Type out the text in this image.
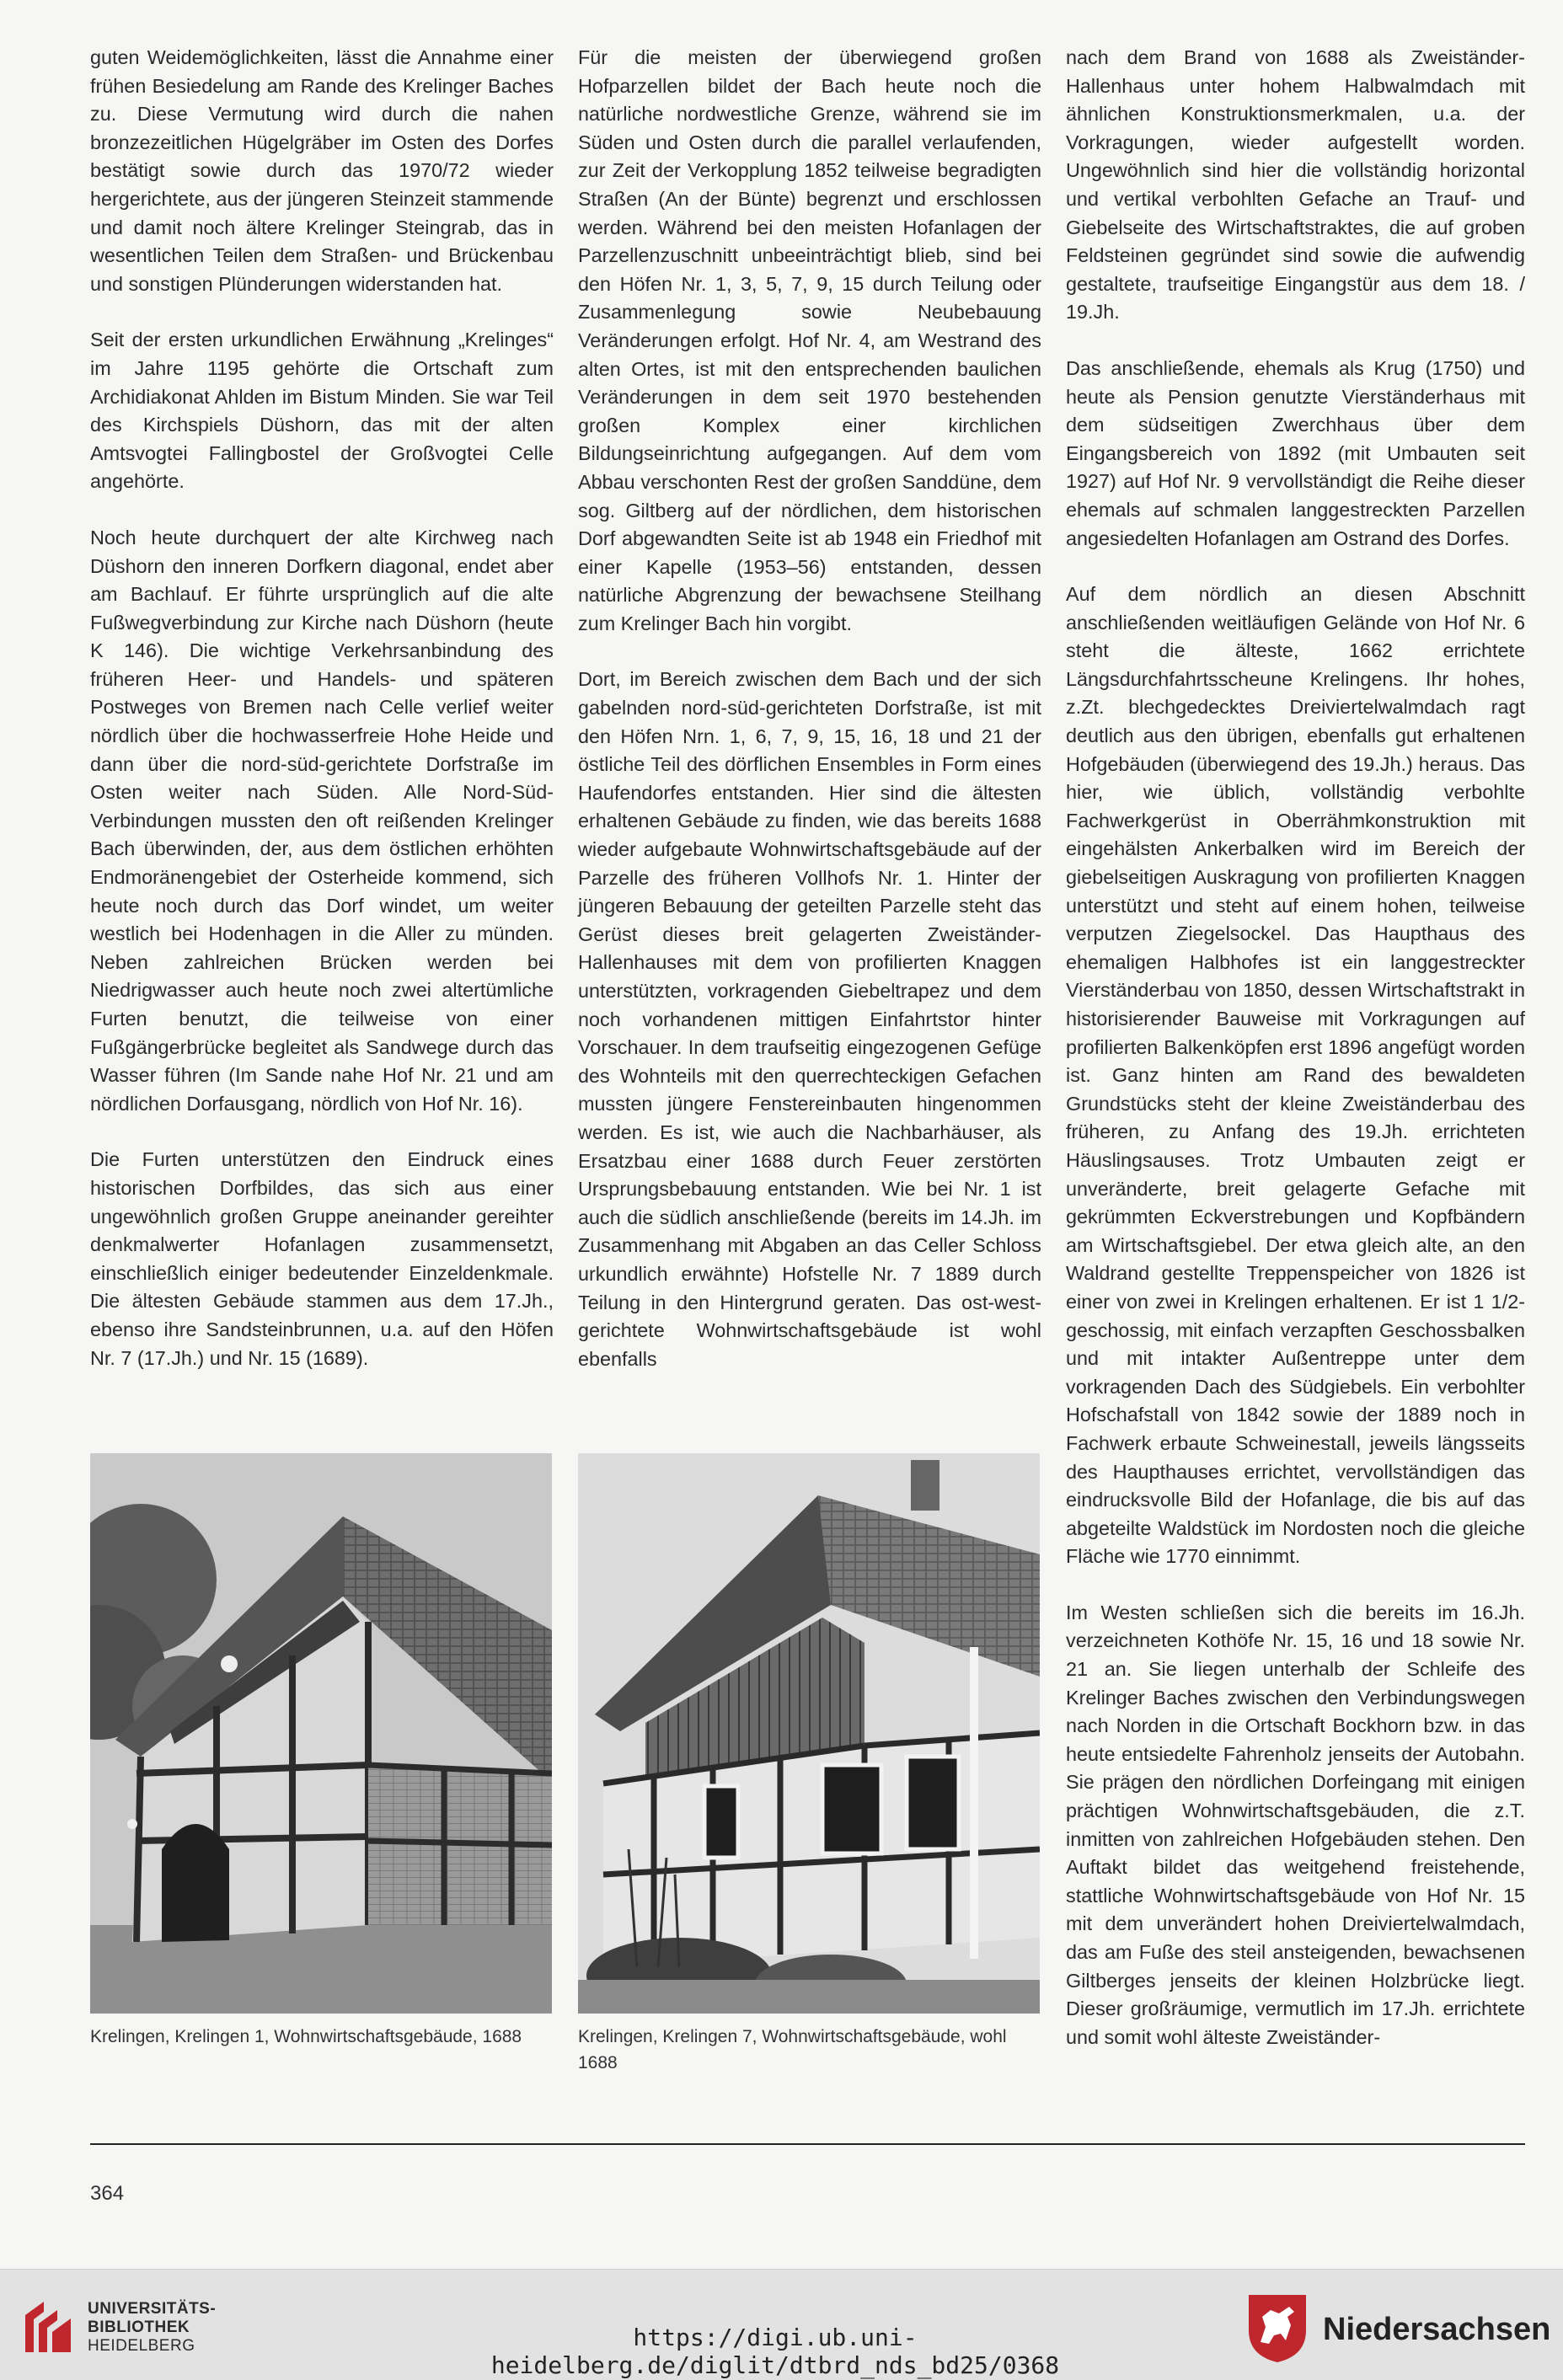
guten Weidemöglichkeiten, lässt die Annahme einer frühen Besiedelung am Rande des Krelinger Baches zu. Diese Vermutung wird durch die nahen bronzezeitlichen Hügelgräber im Osten des Dorfes bestätigt sowie durch das 1970/72 wieder hergerichtete, aus der jüngeren Steinzeit stammende und damit noch ältere Krelinger Steingrab, das in wesentlichen Teilen dem Straßen- und Brückenbau und sonstigen Plünderungen widerstanden hat.

Seit der ersten urkundlichen Erwähnung „Krelinges“ im Jahre 1195 gehörte die Ortschaft zum Archidiakonat Ahlden im Bistum Minden. Sie war Teil des Kirchspiels Düshorn, das mit der alten Amtsvogtei Fallingbostel der Großvogtei Celle angehörte.

Noch heute durchquert der alte Kirchweg nach Düshorn den inneren Dorfkern diagonal, endet aber am Bachlauf. Er führte ursprünglich auf die alte Fußwegverbindung zur Kirche nach Düshorn (heute K 146). Die wichtige Verkehrsanbindung des früheren Heer- und Handels- und späteren Postweges von Bremen nach Celle verlief weiter nördlich über die hochwasserfreie Hohe Heide und dann über die nord-süd-gerichtete Dorfstraße im Osten weiter nach Süden. Alle Nord-Süd-Verbindungen mussten den oft reißenden Krelinger Bach überwinden, der, aus dem östlichen erhöhten Endmoränengebiet der Osterheide kommend, sich heute noch durch das Dorf windet, um weiter westlich bei Hodenhagen in die Aller zu münden. Neben zahlreichen Brücken werden bei Niedrigwasser auch heute noch zwei altertümliche Furten benutzt, die teilweise von einer Fußgängerbrücke begleitet als Sandwege durch das Wasser führen (Im Sande nahe Hof Nr. 21 und am nördlichen Dorfausgang, nördlich von Hof Nr. 16).

Die Furten unterstützen den Eindruck eines historischen Dorfbildes, das sich aus einer ungewöhnlich großen Gruppe aneinander gereihter denkmalwerter Hofanlagen zusammensetzt, einschließlich einiger bedeutender Einzeldenkmale. Die ältesten Gebäude stammen aus dem 17.Jh., ebenso ihre Sandsteinbrunnen, u.a. auf den Höfen Nr. 7 (17.Jh.) und Nr. 15 (1689).

Für die meisten der überwiegend großen Hofparzellen bildet der Bach heute noch die natürliche nordwestliche Grenze, während sie im Süden und Osten durch die parallel verlaufenden, zur Zeit der Verkopplung 1852 teilweise begradigten Straßen (An der Bünte) begrenzt und erschlossen werden. Während bei den meisten Hofanlagen der Parzellenzuschnitt unbeeinträchtigt blieb, sind bei den Höfen Nr. 1, 3, 5, 7, 9, 15 durch Teilung oder Zusammenlegung sowie Neubebauung Veränderungen erfolgt. Hof Nr. 4, am Westrand des alten Ortes, ist mit den entsprechenden baulichen Veränderungen in dem seit 1970 bestehenden großen Komplex einer kirchlichen Bildungseinrichtung aufgegangen. Auf dem vom Abbau verschonten Rest der großen Sanddüne, dem sog. Giltberg auf der nördlichen, dem historischen Dorf abgewandten Seite ist ab 1948 ein Friedhof mit einer Kapelle (1953–56) entstanden, dessen natürliche Abgrenzung der bewachsene Steilhang zum Krelinger Bach hin vorgibt.

Dort, im Bereich zwischen dem Bach und der sich gabelnden nord-süd-gerichteten Dorfstraße, ist mit den Höfen Nrn. 1, 6, 7, 9, 15, 16, 18 und 21 der östliche Teil des dörflichen Ensembles in Form eines Haufendorfes entstanden. Hier sind die ältesten erhaltenen Gebäude zu finden, wie das bereits 1688 wieder aufgebaute Wohnwirtschaftsgebäude auf der Parzelle des früheren Vollhofs Nr. 1. Hinter der jüngeren Bebauung der geteilten Parzelle steht das Gerüst dieses breit gelagerten Zweiständer-Hallenhauses mit dem von profilierten Knaggen unterstützten, vorkragenden Giebeltrapez und dem noch vorhandenen mittigen Einfahrtstor hinter Vorschauer. In dem traufseitig eingezogenen Gefüge des Wohnteils mit den querrechteckigen Gefachen mussten jüngere Fenstereinbauten hingenommen werden. Es ist, wie auch die Nachbarhäuser, als Ersatzbau einer 1688 durch Feuer zerstörten Ursprungsbebauung entstanden. Wie bei Nr. 1 ist auch die südlich anschließende (bereits im 14.Jh. im Zusammenhang mit Abgaben an das Celler Schloss urkundlich erwähnte) Hofstelle Nr. 7 1889 durch Teilung in den Hintergrund geraten. Das ost-west-gerichtete Wohnwirtschaftsgebäude ist wohl ebenfalls

nach dem Brand von 1688 als Zweiständer-Hallenhaus unter hohem Halbwalmdach mit ähnlichen Konstruktionsmerkmalen, u.a. der Vorkragungen, wieder aufgestellt worden. Ungewöhnlich sind hier die vollständig horizontal und vertikal verbohlten Gefache an Trauf- und Giebelseite des Wirtschaftstraktes, die auf groben Feldsteinen gegründet sind sowie die aufwendig gestaltete, traufseitige Eingangstür aus dem 18. / 19.Jh.

Das anschließende, ehemals als Krug (1750) und heute als Pension genutzte Vierständerhaus mit dem südseitigen Zwerchhaus über dem Eingangsbereich von 1892 (mit Umbauten seit 1927) auf Hof Nr. 9 vervollständigt die Reihe dieser ehemals auf schmalen langgestreckten Parzellen angesiedelten Hofanlagen am Ostrand des Dorfes.

Auf dem nördlich an diesen Abschnitt anschließenden weitläufigen Gelände von Hof Nr. 6 steht die älteste, 1662 errichtete Längsdurchfahrtsscheune Krelingens. Ihr hohes, z.Zt. blechgedecktes Dreiviertelwalmdach ragt deutlich aus den übrigen, ebenfalls gut erhaltenen Hofgebäuden (überwiegend des 19.Jh.) heraus. Das hier, wie üblich, vollständig verbohlte Fachwerkgerüst in Oberrähmkonstruktion mit eingehälsten Ankerbalken wird im Bereich der giebelseitigen Auskragung von profilierten Knaggen unterstützt und steht auf einem hohen, teilweise verputzen Ziegelsockel. Das Haupthaus des ehemaligen Halbhofes ist ein langgestreckter Vierständerbau von 1850, dessen Wirtschaftstrakt in historisierender Bauweise mit Vorkragungen auf profilierten Balkenköpfen erst 1896 angefügt worden ist. Ganz hinten am Rand des bewaldeten Grundstücks steht der kleine Zweiständerbau des früheren, zu Anfang des 19.Jh. errichteten Häuslingsauses. Trotz Umbauten zeigt er unveränderte, breit gelagerte Gefache mit gekrümmten Eckverstrebungen und Kopfbändern am Wirtschaftsgiebel. Der etwa gleich alte, an den Waldrand gestellte Treppenspeicher von 1826 ist einer von zwei in Krelingen erhaltenen. Er ist 1 1/2-geschossig, mit einfach verzapften Geschossbalken und mit intakter Außentreppe unter dem vorkragenden Dach des Südgiebels. Ein verbohlter Hofschafstall von 1842 sowie der 1889 noch in Fachwerk erbaute Schweinestall, jeweils längsseits des Haupthauses errichtet, vervollständigen das eindrucksvolle Bild der Hofanlage, die bis auf das abgeteilte Waldstück im Nordosten noch die gleiche Fläche wie 1770 einnimmt.

Im Westen schließen sich die bereits im 16.Jh. verzeichneten Kothöfe Nr. 15, 16 und 18 sowie Nr. 21 an. Sie liegen unterhalb der Schleife des Krelinger Baches zwischen den Verbindungswegen nach Norden in die Ortschaft Bockhorn bzw. in das heute entsiedelte Fahrenholz jenseits der Autobahn. Sie prägen den nördlichen Dorfeingang mit einigen prächtigen Wohnwirtschaftsgebäuden, die z.T. inmitten von zahlreichen Hofgebäuden stehen. Den Auftakt bildet das weitgehend freistehende, stattliche Wohnwirtschaftsgebäude von Hof Nr. 15 mit dem unverändert hohen Dreiviertelwalmdach, das am Fuße des steil ansteigenden, bewachsenen Giltberges jenseits der kleinen Holzbrücke liegt. Dieser großräumige, vermutlich im 17.Jh. errichtete und somit wohl älteste Zweiständer-

Krelingen, Krelingen 1, Wohnwirtschaftsgebäude, 1688	Krelingen, Krelingen 7, Wohnwirtschaftsgebäude, wohl 1688
364
UNIVERSITÄTS-
BIBLIOTHEK
HEIDELBERG	https://digi.ub.uni-heidelberg.de/diglit/dtbrd_nds_bd25/0368
Niedersachsen
